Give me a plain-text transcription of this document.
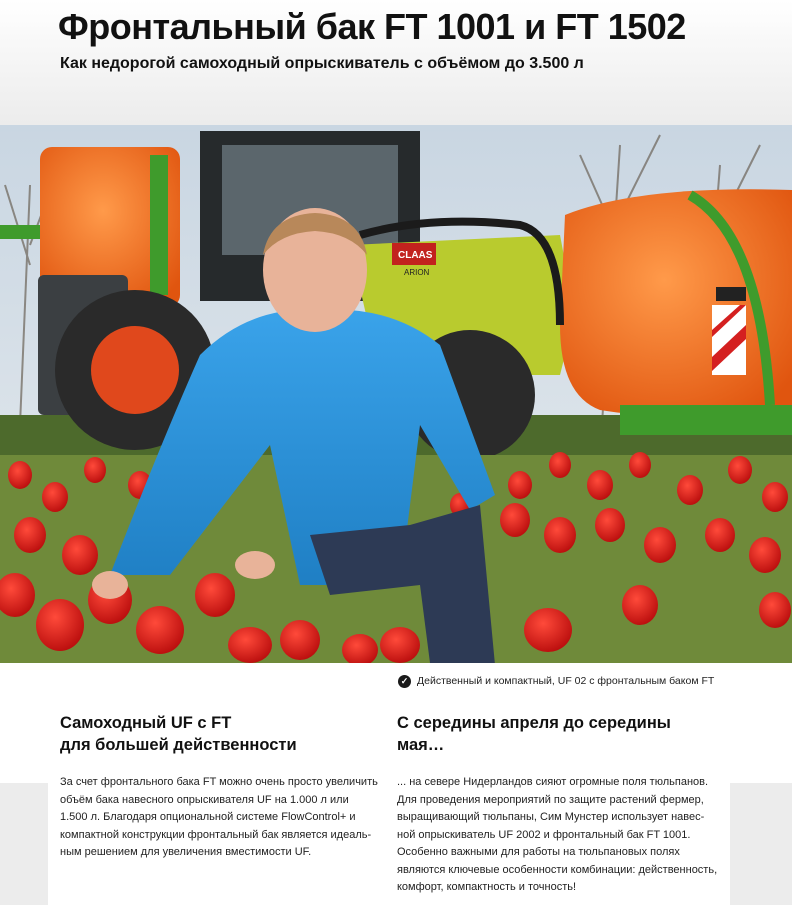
Фронтальный бак FT 1001 и FT 1502

Как недорогой самоходный опрыскиватель с объёмом до 3.500 л

CLAAS
ARION
✓ Действенный и компактный, UF 02 с фронтальным баком FT
Самоходный UF с FT
для большей действенности

За счет фронтального бака FT можно очень просто увеличить
объём бака навесного опрыскивателя UF на 1.000 л или
1.500 л. Благодаря опциональной системе FlowControl+ и
компактной конструкции фронтальный бак является идеаль-
ным решением для увеличения вместимости UF.

С середины апреля до середины
мая…

... на севере Нидерландов сияют огромные поля тюльпанов.
Для проведения мероприятий по защите растений фермер,
выращивающий тюльпаны, Сим Мунстер использует навес-
ной опрыскиватель UF 2002 и фронтальный бак FT 1001.
Особенно важными для работы на тюльпановых полях
являются ключевые особенности комбинации: действенность,
комфорт, компактность и точность!
